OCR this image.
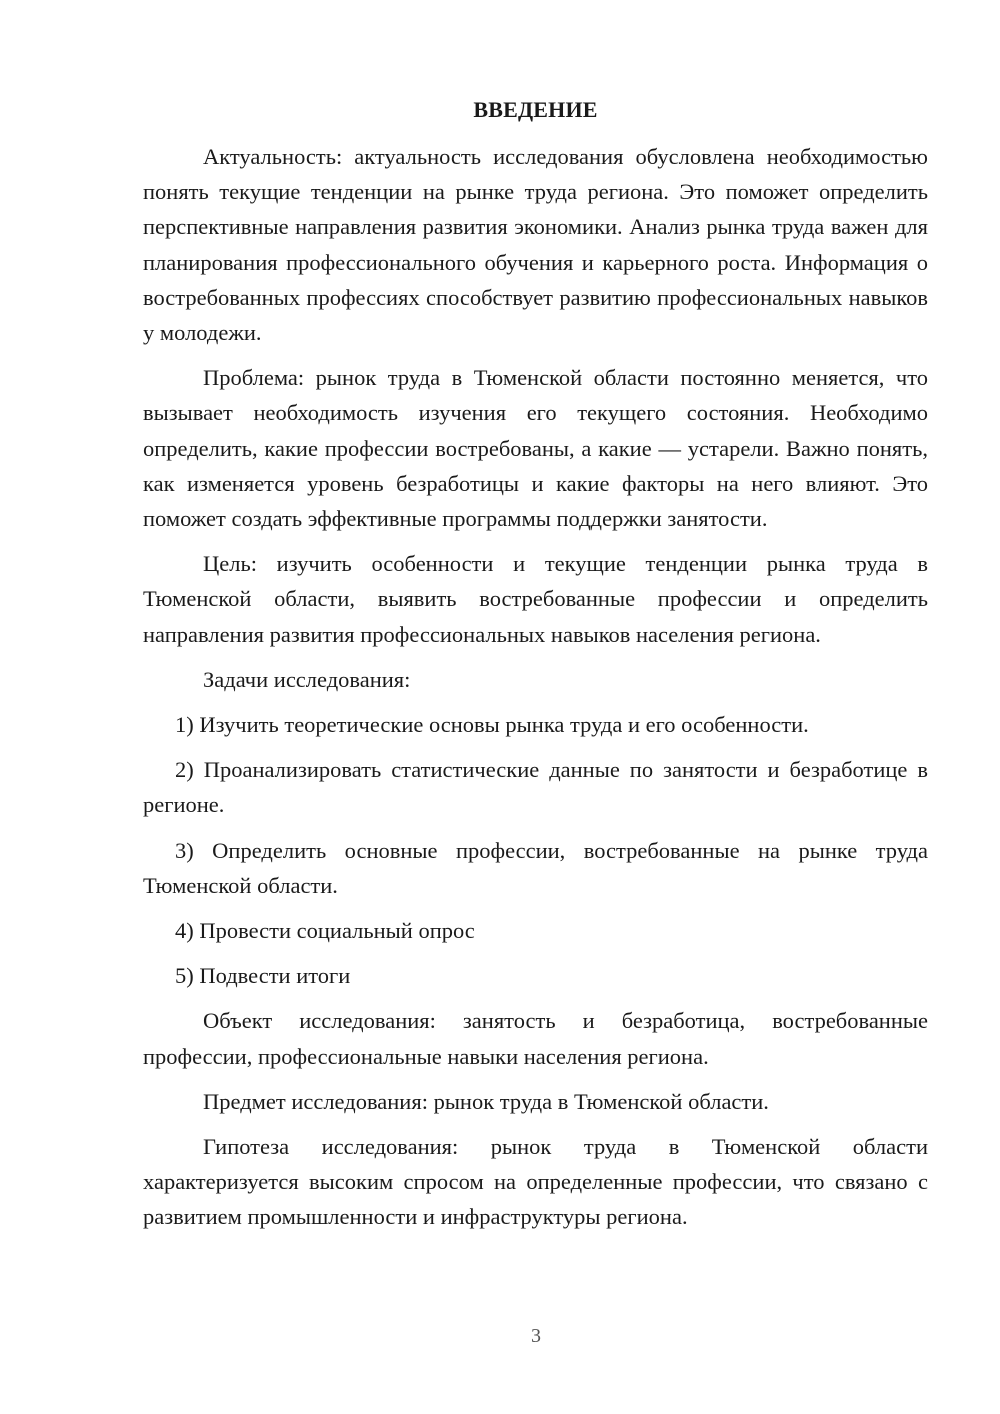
ВВЕДЕНИЕ

Актуальность: актуальность исследования обусловлена необходимостью понять текущие тенденции на рынке труда региона. Это поможет определить перспективные направления развития экономики. Анализ рынка труда важен для планирования профессионального обучения и карьерного роста. Информация о востребованных профессиях способствует развитию профессиональных навыков у молодежи.

Проблема: рынок труда в Тюменской области постоянно меняется, что вызывает необходимость изучения его текущего состояния. Необходимо определить, какие профессии востребованы, а какие — устарели. Важно понять, как изменяется уровень безработицы и какие факторы на него влияют. Это поможет создать эффективные программы поддержки занятости.

Цель: изучить особенности и текущие тенденции рынка труда в Тюменской области, выявить востребованные профессии и определить направления развития профессиональных навыков населения региона.

Задачи исследования:

1) Изучить теоретические основы рынка труда и его особенности.

2) Проанализировать статистические данные по занятости и безработице в регионе.

3) Определить основные профессии, востребованные на рынке труда Тюменской области.

4) Провести социальный опрос

5) Подвести итоги

Объект исследования: занятость и безработица, востребованные профессии, профессиональные навыки населения региона.

Предмет исследования: рынок труда в Тюменской области.

Гипотеза исследования: рынок труда в Тюменской области характеризуется высоким спросом на определенные профессии, что связано с развитием промышленности и инфраструктуры региона.

3
